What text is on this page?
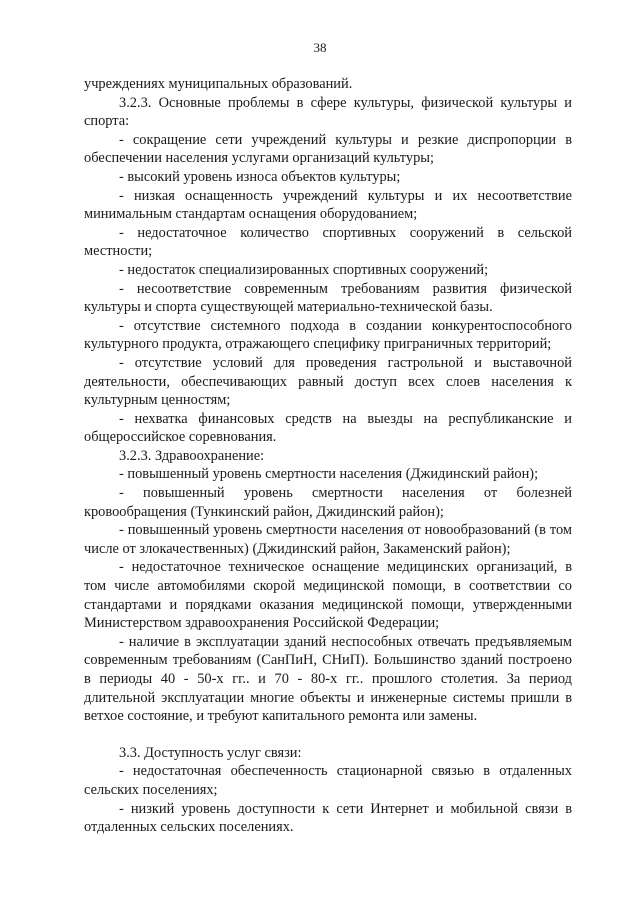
38

учреждениях муниципальных образований.

3.2.3. Основные проблемы в сфере культуры, физической культуры и спорта:

- сокращение сети учреждений культуры и резкие диспропорции в обеспечении населения услугами организаций культуры;

- высокий уровень износа объектов культуры;

- низкая оснащенность учреждений культуры и их несоответствие минимальным стандартам оснащения оборудованием;

- недостаточное количество спортивных сооружений в сельской местности;

- недостаток специализированных спортивных сооружений;

- несоответствие современным требованиям развития физической культуры и спорта существующей материально-технической базы.

- отсутствие системного подхода в создании конкурентоспособного культурного продукта, отражающего специфику приграничных территорий;

- отсутствие условий для проведения гастрольной и выставочной деятельности, обеспечивающих равный доступ всех слоев населения к культурным ценностям;

- нехватка финансовых средств на выезды на республиканские и общероссийское соревнования.

3.2.3. Здравоохранение:

- повышенный уровень смертности населения (Джидинский район);

- повышенный уровень смертности населения от болезней кровообращения (Тункинский район, Джидинский район);

- повышенный уровень смертности населения от новообразований (в том числе от злокачественных) (Джидинский район, Закаменский район);

- недостаточное техническое оснащение медицинских организаций, в том числе автомобилями скорой медицинской помощи, в соответствии со стандартами и порядками оказания медицинской помощи, утвержденными Министерством здравоохранения Российской Федерации;

- наличие в эксплуатации зданий неспособных отвечать предъявляемым современным требованиям (СанПиН, СНиП). Большинство зданий построено в периоды 40 - 50-х гг.. и 70 - 80-х гг.. прошлого столетия. За период длительной эксплуатации многие объекты и инженерные системы пришли в ветхое состояние, и требуют капитального ремонта или замены.

3.3. Доступность услуг связи:

- недостаточная обеспеченность стационарной связью в отдаленных сельских поселениях;

- низкий уровень доступности к сети Интернет и мобильной связи в отдаленных сельских поселениях.
